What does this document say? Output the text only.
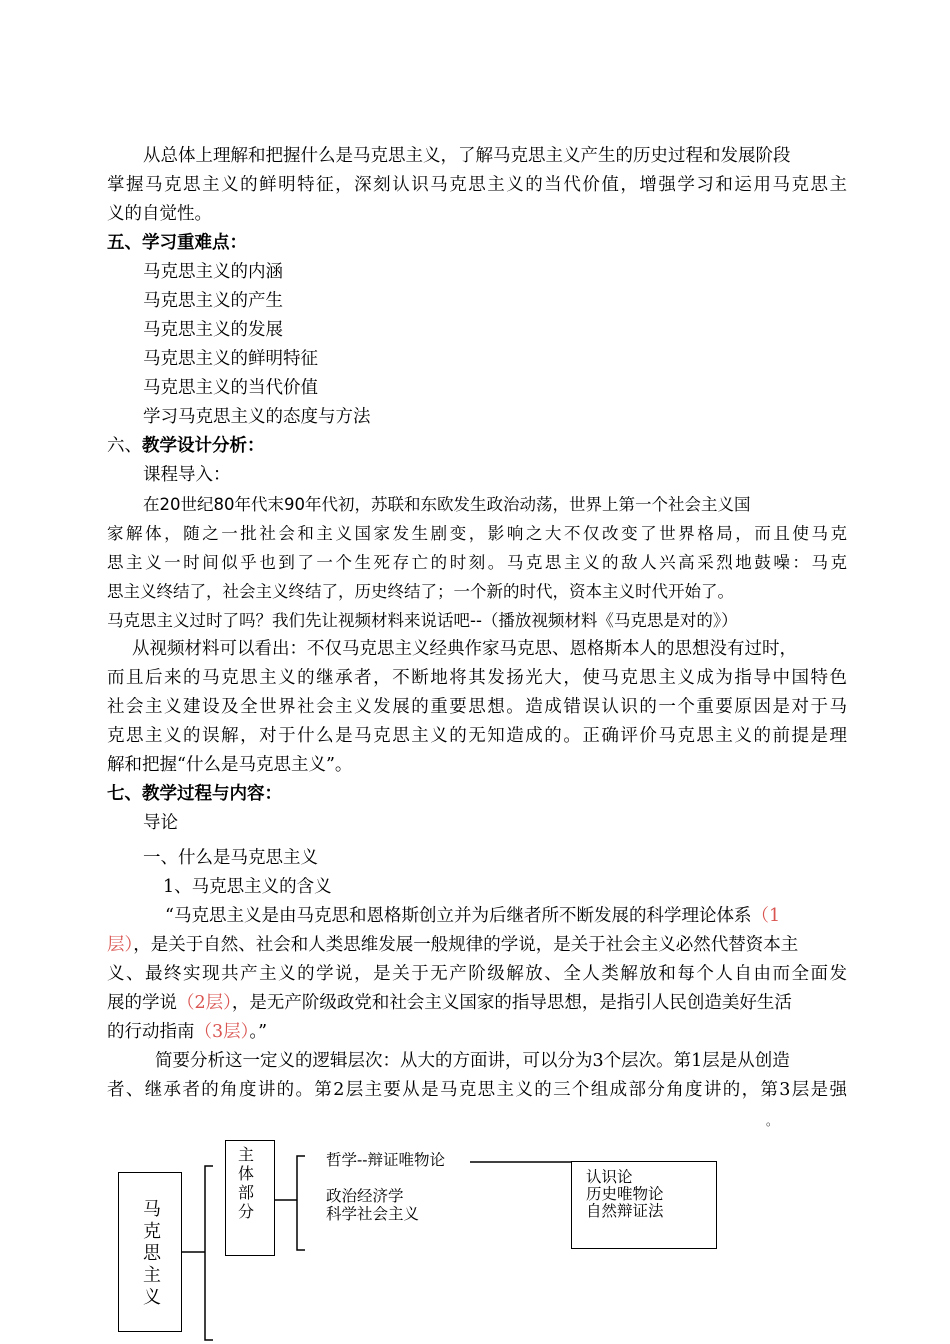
从总体上理解和把握什么是马克思主义，了解马克思主义产生的历史过程和发展阶段
掌握马克思主义的鲜明特征，深刻认识马克思主义的当代价值，增强学习和运用马克思主
义的自觉性。
五、学习重难点：
马克思主义的内涵
马克思主义的产生
马克思主义的发展
马克思主义的鲜明特征
马克思主义的当代价值
学习马克思主义的态度与方法
六、教学设计分析：
课程导入：
在20世纪80年代末90年代初，苏联和东欧发生政治动荡，世界上第一个社会主义国
家解体，随之一批社会和主义国家发生剧变，影响之大不仅改变了世界格局，而且使马克
思主义一时间似乎也到了一个生死存亡的时刻。马克思主义的敌人兴高采烈地鼓噪：马克
思主义终结了，社会主义终结了，历史终结了；一个新的时代，资本主义时代开始了。
马克思主义过时了吗？我们先让视频材料来说话吧--（播放视频材料《马克思是对的》）
从视频材料可以看出：不仅马克思主义经典作家马克思、恩格斯本人的思想没有过时，
而且后来的马克思主义的继承者，不断地将其发扬光大，使马克思主义成为指导中国特色
社会主义建设及全世界社会主义发展的重要思想。造成错误认识的一个重要原因是对于马
克思主义的误解，对于什么是马克思主义的无知造成的。正确评价马克思主义的前提是理
解和把握“什么是马克思主义”。
七、教学过程与内容：
导论
一、什么是马克思主义
1、马克思主义的含义
“马克思主义是由马克思和恩格斯创立并为后继者所不断发展的科学理论体系（1
层），是关于自然、社会和人类思维发展一般规律的学说，是关于社会主义必然代替资本主
义、最终实现共产主义的学说，是关于无产阶级解放、全人类解放和每个人自由而全面发
展的学说（2层），是无产阶级政党和社会主义国家的指导思想，是指引人民创造美好生活
的行动指南（3层）。”
简要分析这一定义的逻辑层次：从大的方面讲，可以分为3个层次。第1层是从创造
者、继承者的角度讲的。第2层主要从是马克思主义的三个组成部分角度讲的，第3层是强
。
马克思主义
主体部分
哲学--辩证唯物论
政治经济学
科学社会主义
认识论
历史唯物论
自然辩证法
